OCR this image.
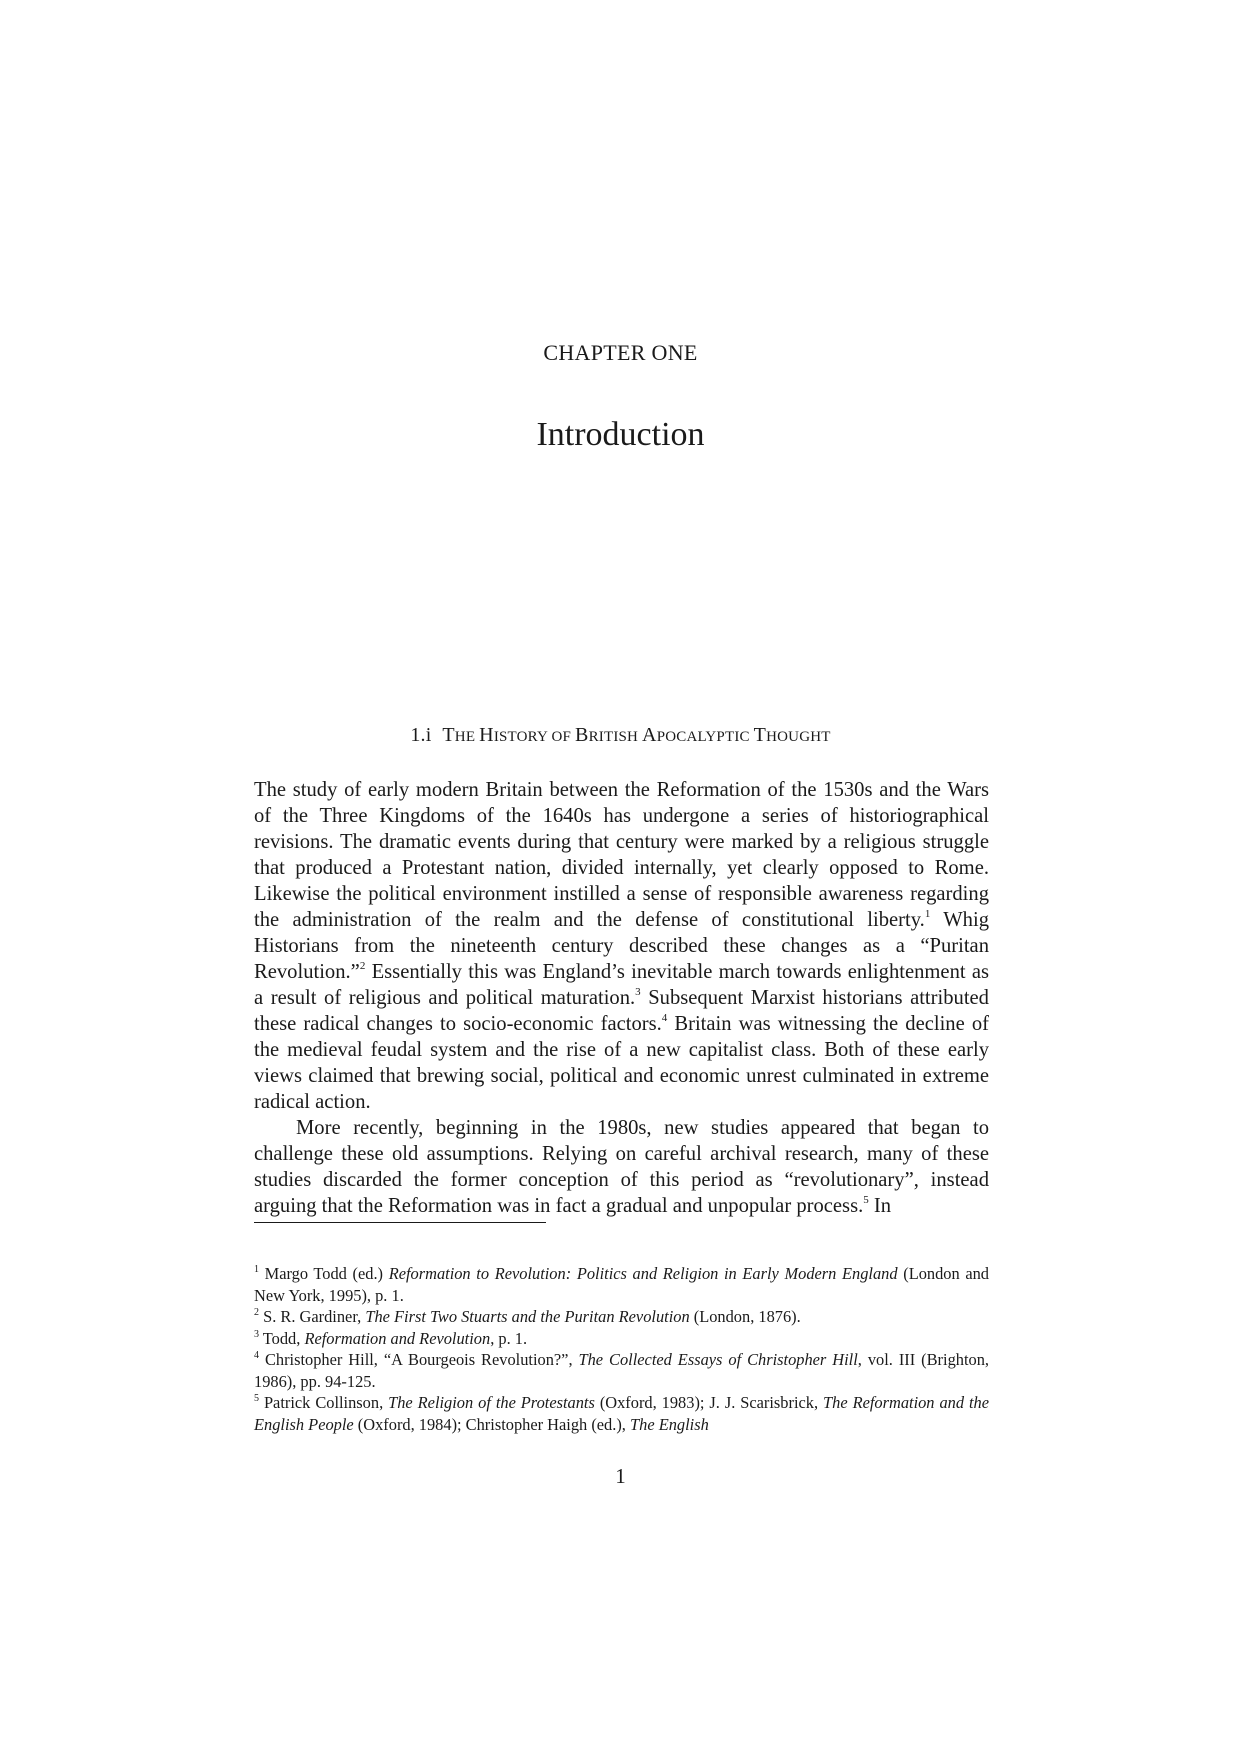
CHAPTER ONE
Introduction
1.i THE HISTORY OF BRITISH APOCALYPTIC THOUGHT

The study of early modern Britain between the Reformation of the 1530s and the Wars of the Three Kingdoms of the 1640s has undergone a series of historiographical revisions. The dramatic events during that century were marked by a religious struggle that produced a Protestant nation, divided internally, yet clearly opposed to Rome. Likewise the political environment instilled a sense of responsible awareness regarding the administration of the realm and the defense of constitutional liberty.$^1$ Whig Historians from the nineteenth century described these changes as a “Puritan Revolution.”$^2$ Essentially this was England’s inevitable march towards enlightenment as a result of religious and political maturation.$^3$ Subsequent Marxist historians attributed these radical changes to socio-economic factors.$^4$ Britain was witnessing the decline of the medieval feudal system and the rise of a new capitalist class. Both of these early views claimed that brewing social, political and economic unrest culminated in extreme radical action.

More recently, beginning in the 1980s, new studies appeared that began to challenge these old assumptions. Relying on careful archival research, many of these studies discarded the former conception of this period as “revolutionary”, instead arguing that the Reformation was in fact a gradual and unpopular process.$^5$ In

$^1$ Margo Todd (ed.) Reformation to Revolution: Politics and Religion in Early Modern England (London and New York, 1995), p. 1.
$^2$ S. R. Gardiner, The First Two Stuarts and the Puritan Revolution (London, 1876).
$^3$ Todd, Reformation and Revolution, p. 1.
$^4$ Christopher Hill, “A Bourgeois Revolution?”, The Collected Essays of Christopher Hill, vol. III (Brighton, 1986), pp. 94-125.
$^5$ Patrick Collinson, The Religion of the Protestants (Oxford, 1983); J. J. Scarisbrick, The Reformation and the English People (Oxford, 1984); Christopher Haigh (ed.), The English
1
